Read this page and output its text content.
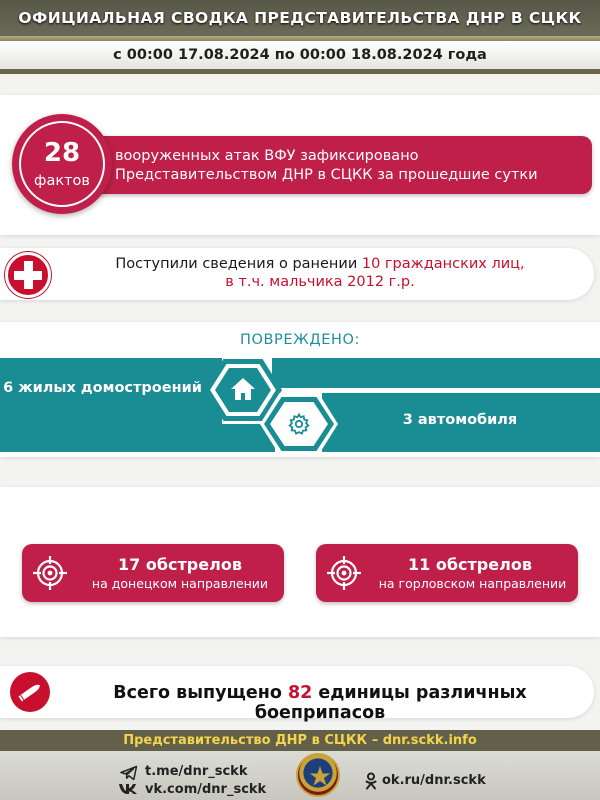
ОФИЦИАЛЬНАЯ СВОДКА ПРЕДСТАВИТЕЛЬСТВА ДНР В СЦКК
с 00:00 17.08.2024 по 00:00 18.08.2024 года
вооруженных атак ВФУ зафиксировано
Представительством ДНР в СЦКК за прошедшие сутки
28
фактов
Поступили сведения о ранении 10 гражданских лиц,
в т.ч. мальчика 2012 г.р.
ПОВРЕЖДЕНО:
6 жилых домостроений
3 автомобиля
17 обстрелов
на донецком направлении
11 обстрелов
на горловском направлении
Всего выпущено 82 единицы различных боеприпасов
Представительство ДНР в СЦКК – dnr.sckk.info
t.me/dnr_sckk
vk.com/dnr_sckk
ok.ru/dnr.sckk
